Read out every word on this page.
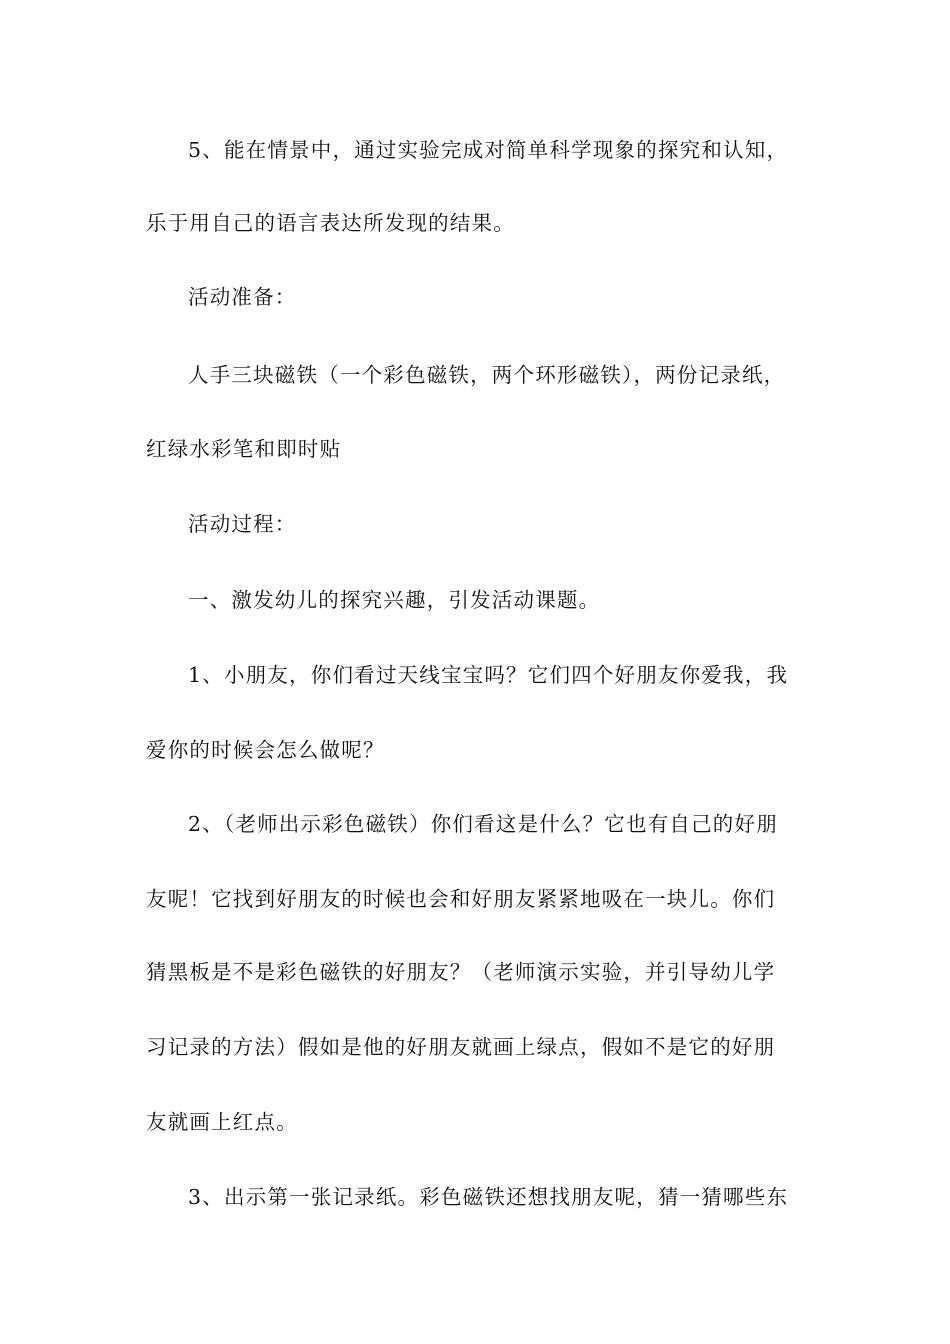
5、能在情景中，通过实验完成对简单科学现象的探究和认知，
乐于用自己的语言表达所发现的结果。
活动准备：
人手三块磁铁（一个彩色磁铁，两个环形磁铁），两份记录纸，
红绿水彩笔和即时贴
活动过程：
一、激发幼儿的探究兴趣，引发活动课题。
1、小朋友，你们看过天线宝宝吗？它们四个好朋友你爱我，我
爱你的时候会怎么做呢？
2、（老师出示彩色磁铁）你们看这是什么？它也有自己的好朋
友呢！它找到好朋友的时候也会和好朋友紧紧地吸在一块儿。你们
猜黑板是不是彩色磁铁的好朋友？（老师演示实验，并引导幼儿学
习记录的方法）假如是他的好朋友就画上绿点，假如不是它的好朋
友就画上红点。
3、出示第一张记录纸。彩色磁铁还想找朋友呢，猜一猜哪些东
